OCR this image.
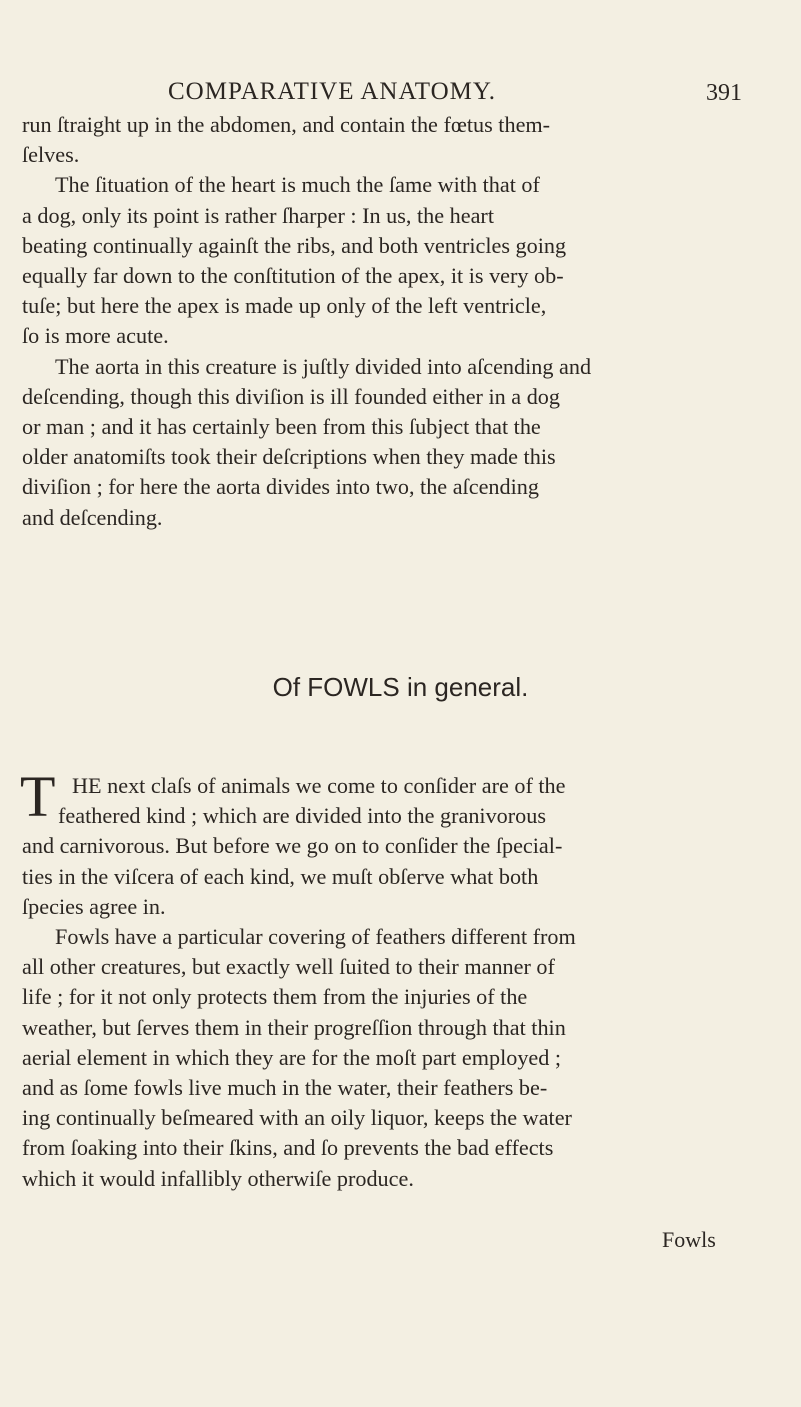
COMPARATIVE ANATOMY.	391
run ſtraight up in the abdomen, and contain the fœtus them-
ſelves.
The ſituation of the heart is much the ſame with that of
a dog, only its point is rather ſharper : In us, the heart
beating continually againſt the ribs, and both ventricles going
equally far down to the conſtitution of the apex, it is very ob-
tuſe; but here the apex is made up only of the left ventricle,
ſo is more acute.
The aorta in this creature is juſtly divided into aſcending and
deſcending, though this diviſion is ill founded either in a dog
or man ; and it has certainly been from this ſubject that the
older anatomiſts took their deſcriptions when they made this
diviſion ; for here the aorta divides into two, the aſcending
and deſcending.
Of FOWLS in general.
T HE next claſs of animals we come to conſider are of the
feathered kind ; which are divided into the granivorous
and carnivorous. But before we go on to conſider the ſpecial-
ties in the viſcera of each kind, we muſt obſerve what both
ſpecies agree in.
Fowls have a particular covering of feathers different from
all other creatures, but exactly well ſuited to their manner of
life ; for it not only protects them from the injuries of the
weather, but ſerves them in their progreſſion through that thin
aerial element in which they are for the moſt part employed ;
and as ſome fowls live much in the water, their feathers be-
ing continually beſmeared with an oily liquor, keeps the water
from ſoaking into their ſkins, and ſo prevents the bad effects
which it would infallibly otherwiſe produce.
Fowls
